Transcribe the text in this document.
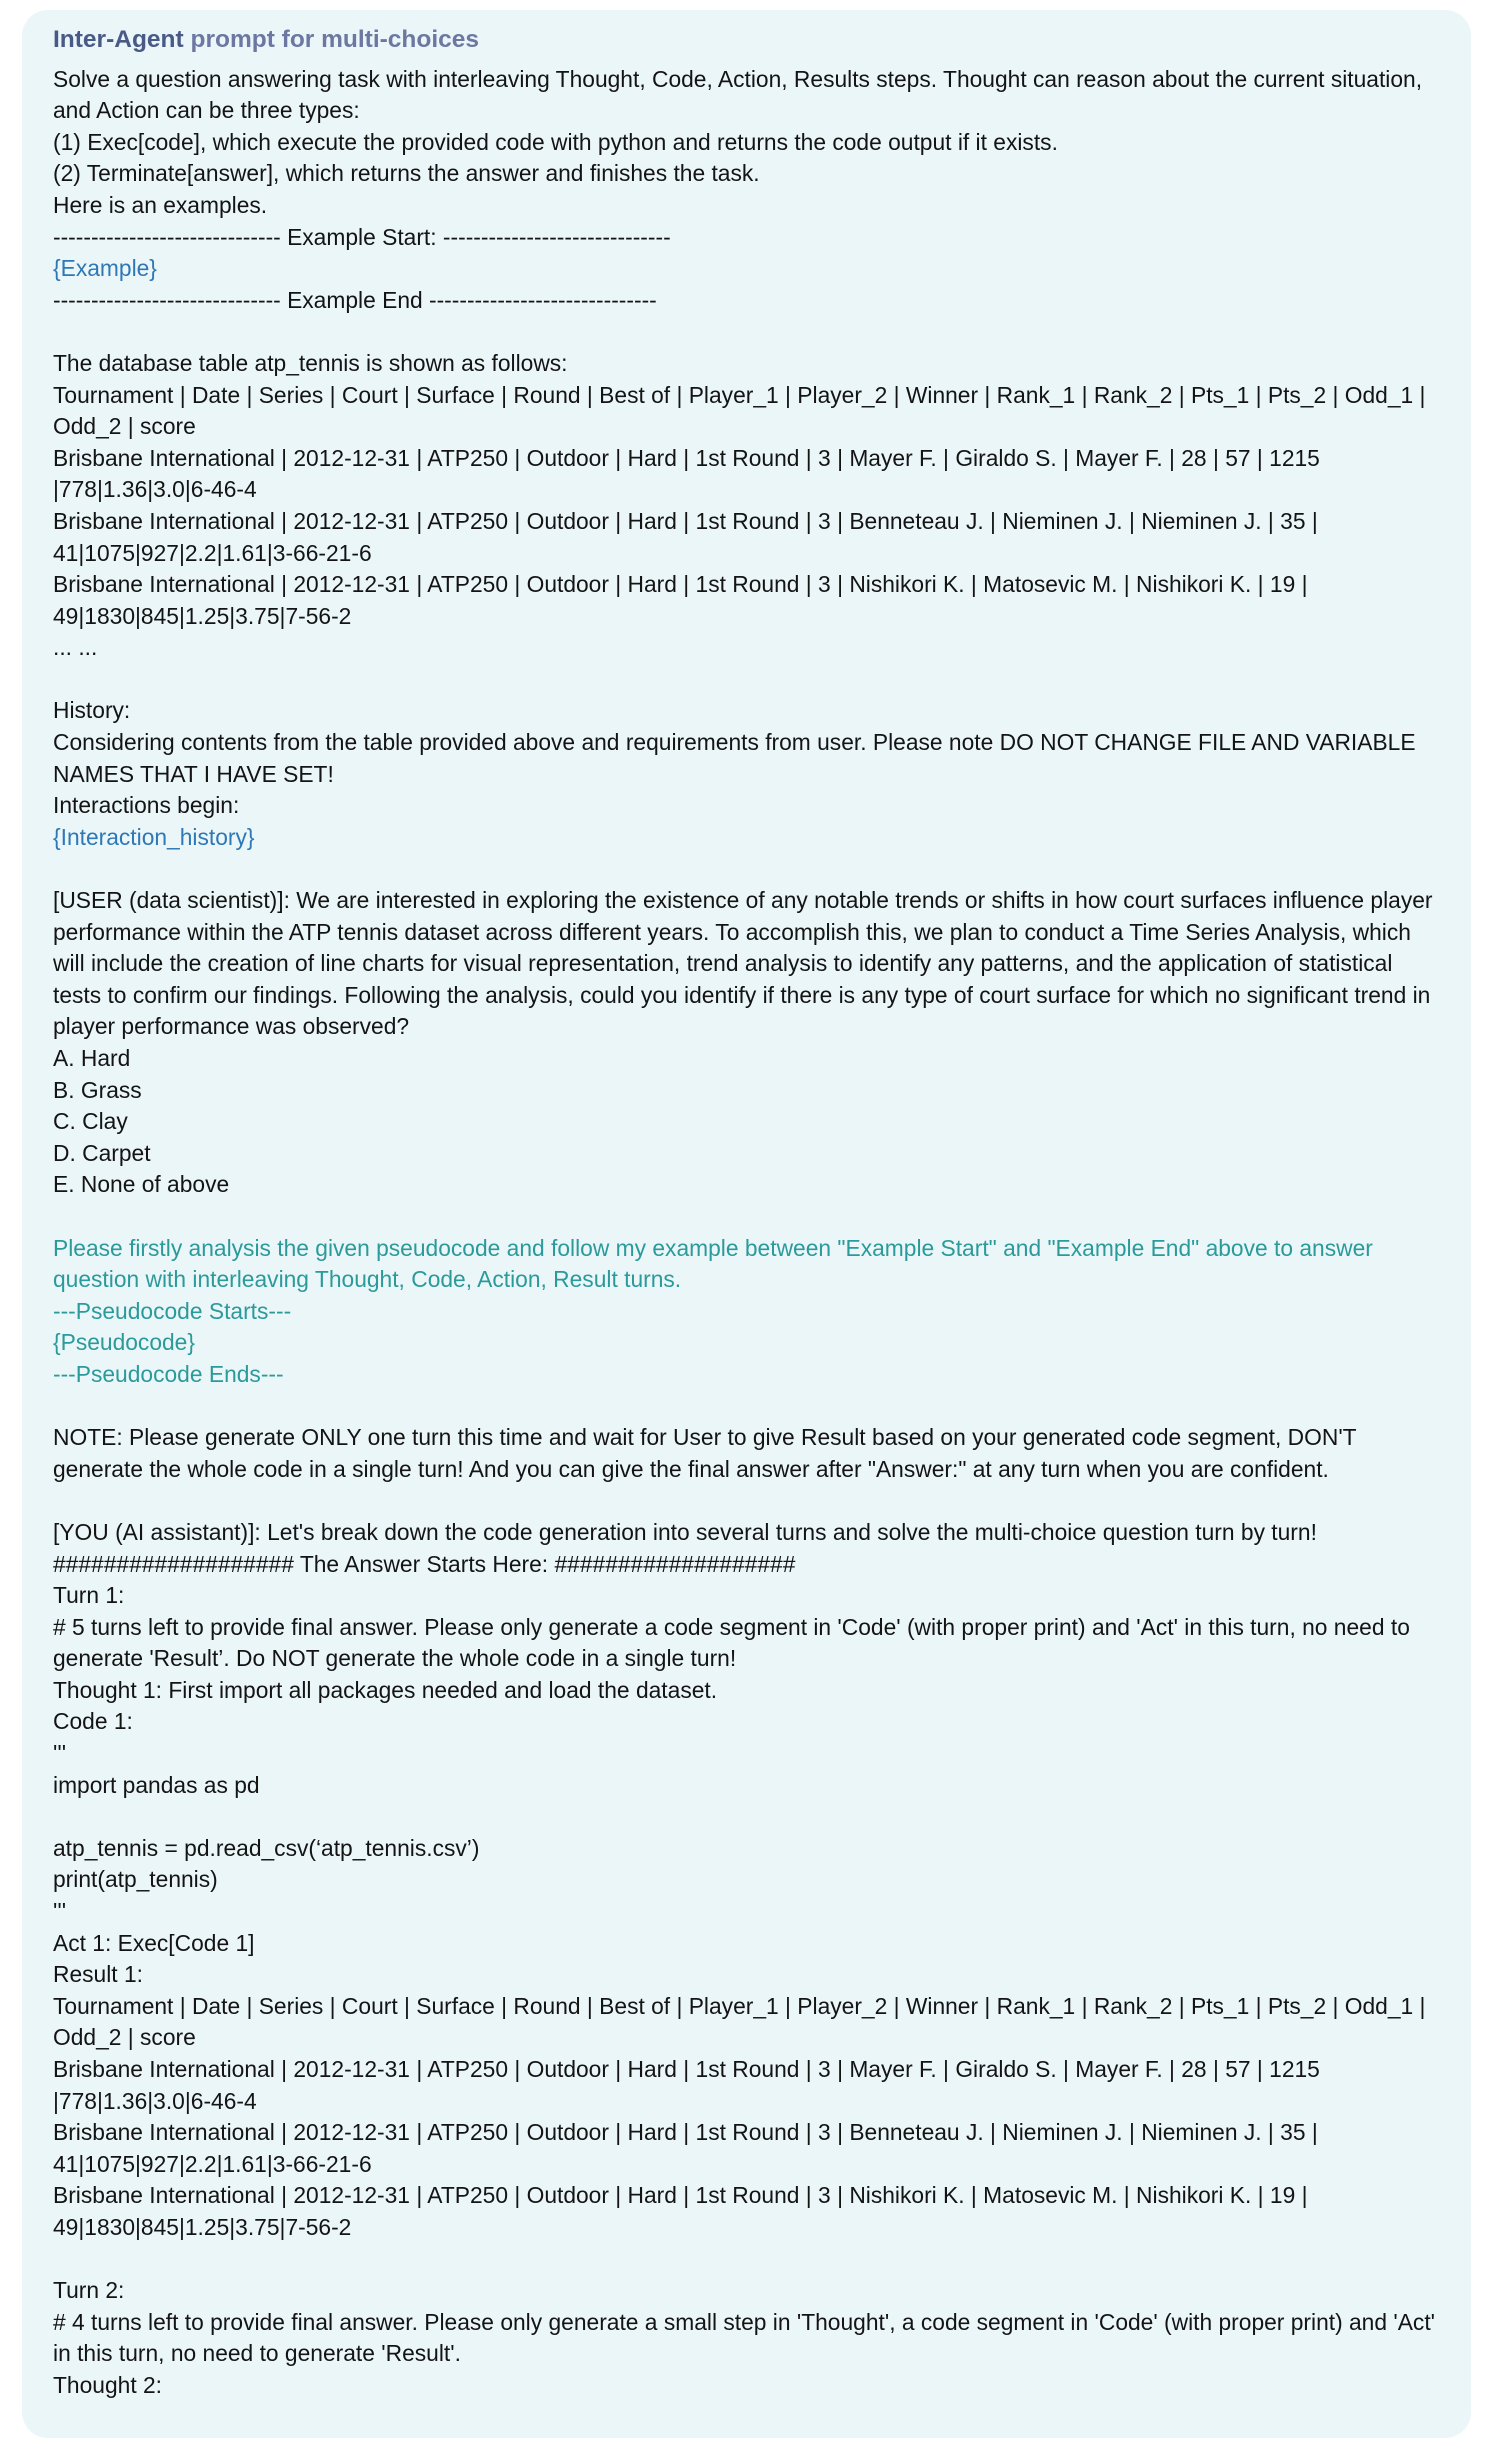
Inter-Agent prompt for multi-choices
Solve a question answering task with interleaving Thought, Code, Action, Results steps. Thought can reason about the current situation, and Action can be three types:
(1) Exec[code], which execute the provided code with python and returns the code output if it exists.
(2) Terminate[answer], which returns the answer and finishes the task.
Here is an examples.
------------------------------ Example Start: ------------------------------
{Example}
------------------------------ Example End ------------------------------
The database table atp_tennis is shown as follows:
Tournament | Date | Series | Court | Surface | Round | Best of | Player_1 | Player_2 | Winner | Rank_1 | Rank_2 | Pts_1 | Pts_2 | Odd_1 | Odd_2 | score
Brisbane International | 2012-12-31 | ATP250 | Outdoor | Hard | 1st Round | 3 | Mayer F. | Giraldo S. | Mayer F. | 28 | 57 | 1215 |778|1.36|3.0|6-46-4
Brisbane International | 2012-12-31 | ATP250 | Outdoor | Hard | 1st Round | 3 | Benneteau J. | Nieminen J. | Nieminen J. | 35 | 41|1075|927|2.2|1.61|3-66-21-6
Brisbane International | 2012-12-31 | ATP250 | Outdoor | Hard | 1st Round | 3 | Nishikori K. | Matosevic M. | Nishikori K. | 19 | 49|1830|845|1.25|3.75|7-56-2
... ...
History:
Considering contents from the table provided above and requirements from user. Please note DO NOT CHANGE FILE AND VARIABLE NAMES THAT I HAVE SET!
Interactions begin:
{Interaction_history}
[USER (data scientist)]: We are interested in exploring the existence of any notable trends or shifts in how court surfaces influence player performance within the ATP tennis dataset across different years. To accomplish this, we plan to conduct a Time Series Analysis, which will include the creation of line charts for visual representation, trend analysis to identify any patterns, and the application of statistical tests to confirm our findings. Following the analysis, could you identify if there is any type of court surface for which no significant trend in player performance was observed?
A. Hard
B. Grass
C. Clay
D. Carpet
E. None of above
Please firstly analysis the given pseudocode and follow my example between "Example Start" and "Example End" above to answer question with interleaving Thought, Code, Action, Result turns.
---Pseudocode Starts---
{Pseudocode}
---Pseudocode Ends---
NOTE: Please generate ONLY one turn this time and wait for User to give Result based on your generated code segment, DON'T generate the whole code in a single turn! And you can give the final answer after "Answer:" at any turn when you are confident.
[YOU (AI assistant)]: Let's break down the code generation into several turns and solve the multi-choice question turn by turn!
################### The Answer Starts Here: ###################
Turn 1:
# 5 turns left to provide final answer. Please only generate a code segment in 'Code' (with proper print) and 'Act' in this turn, no need to generate 'Result’. Do NOT generate the whole code in a single turn!
Thought 1: First import all packages needed and load the dataset.
Code 1:
'''
import pandas as pd
atp_tennis = pd.read_csv(‘atp_tennis.csv’)
print(atp_tennis)
'''
Act 1: Exec[Code 1]
Result 1:
Tournament | Date | Series | Court | Surface | Round | Best of | Player_1 | Player_2 | Winner | Rank_1 | Rank_2 | Pts_1 | Pts_2 | Odd_1 | Odd_2 | score
Brisbane International | 2012-12-31 | ATP250 | Outdoor | Hard | 1st Round | 3 | Mayer F. | Giraldo S. | Mayer F. | 28 | 57 | 1215 |778|1.36|3.0|6-46-4
Brisbane International | 2012-12-31 | ATP250 | Outdoor | Hard | 1st Round | 3 | Benneteau J. | Nieminen J. | Nieminen J. | 35 | 41|1075|927|2.2|1.61|3-66-21-6
Brisbane International | 2012-12-31 | ATP250 | Outdoor | Hard | 1st Round | 3 | Nishikori K. | Matosevic M. | Nishikori K. | 19 | 49|1830|845|1.25|3.75|7-56-2
Turn 2:
# 4 turns left to provide final answer. Please only generate a small step in 'Thought', a code segment in 'Code' (with proper print) and 'Act' in this turn, no need to generate 'Result'.
Thought 2:
